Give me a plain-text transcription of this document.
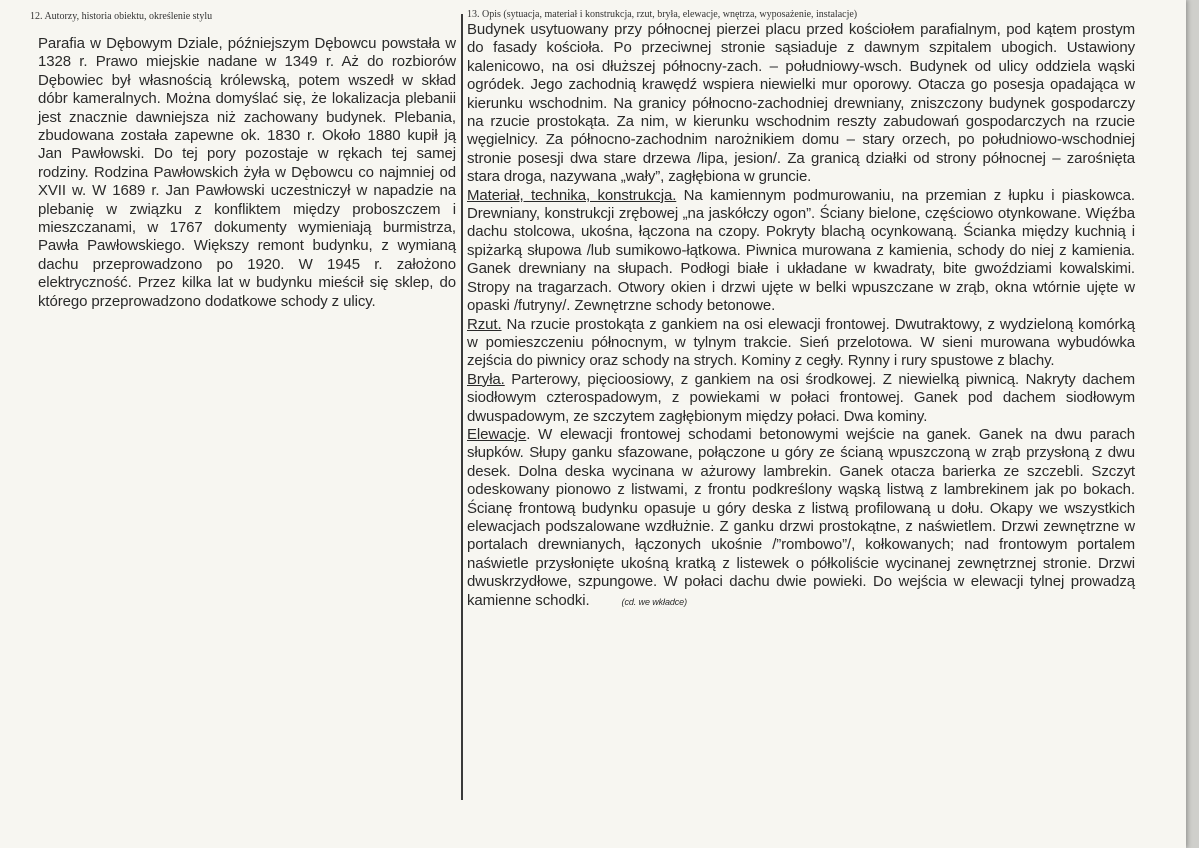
12. Autorzy, historia obiektu, określenie stylu

Parafia w Dębowym Dziale, późniejszym Dębowcu powstała w 1328 r. Prawo miejskie nadane w 1349 r. Aż do rozbiorów Dębowiec był własnością królewską, potem wszedł w skład dóbr kameralnych. Można domyślać się, że lokalizacja plebanii jest znacznie dawniejsza niż zachowany budynek. Plebania, zbudowana została zapewne ok. 1830 r. Około 1880 kupił ją Jan Pawłowski. Do tej pory pozostaje w rękach tej samej rodziny. Rodzina Pawłowskich żyła w Dębowcu co najmniej od XVII w. W 1689 r. Jan Pawłowski uczestniczył w napadzie na plebanię w związku z konfliktem między proboszczem i mieszczanami, w 1767 dokumenty wymieniają burmistrza, Pawła Pawłowskiego. Większy remont budynku, z wymianą dachu przeprowadzono po 1920. W 1945 r. założono elektryczność. Przez kilka lat w budynku mieścił się sklep, do którego przeprowadzono dodatkowe schody z ulicy.

13. Opis (sytuacja, materiał i konstrukcja, rzut, bryła, elewacje, wnętrza, wyposażenie, instalacje)

Budynek usytuowany przy północnej pierzei placu przed kościołem parafialnym, pod kątem prostym do fasady kościoła. Po przeciwnej stronie sąsiaduje z dawnym szpitalem ubogich. Ustawiony kalenicowo, na osi dłuższej północny-zach. – południowy-wsch. Budynek od ulicy oddziela wąski ogródek. Jego zachodnią krawędź wspiera niewielki mur oporowy. Otacza go posesja opadająca w kierunku wschodnim. Na granicy północno-zachodniej drewniany, zniszczony budynek gospodarczy na rzucie prostokąta. Za nim, w kierunku wschodnim reszty zabudowań gospodarczych na rzucie węgielnicy. Za północno-zachodnim narożnikiem domu – stary orzech, po południowo-wschodniej stronie posesji dwa stare drzewa /lipa, jesion/. Za granicą działki od strony północnej – zarośnięta stara droga, nazywana „wały”, zagłębiona w gruncie.
Materiał, technika, konstrukcja. Na kamiennym podmurowaniu, na przemian z łupku i piaskowca. Drewniany, konstrukcji zrębowej „na jaskółczy ogon”. Ściany bielone, częściowo otynkowane. Więźba dachu stolcowa, ukośna, łączona na czopy. Pokryty blachą ocynkowaną. Ścianka między kuchnią i spiżarką słupowa /lub sumikowo-łątkowa. Piwnica murowana z kamienia, schody do niej z kamienia. Ganek drewniany na słupach. Podłogi białe i układane w kwadraty, bite gwoździami kowalskimi. Stropy na tragarzach. Otwory okien i drzwi ujęte w belki wpuszczane w zrąb, okna wtórnie ujęte w opaski /futryny/. Zewnętrzne schody betonowe.
Rzut. Na rzucie prostokąta z gankiem na osi elewacji frontowej. Dwutraktowy, z wydzieloną komórką w pomieszczeniu północnym, w tylnym trakcie. Sień przelotowa. W sieni murowana wybudówka zejścia do piwnicy oraz schody na strych. Kominy z cegły. Rynny i rury spustowe z blachy.
Bryła. Parterowy, pięcioosiowy, z gankiem na osi środkowej. Z niewielką piwnicą. Nakryty dachem siodłowym czterospadowym, z powiekami w połaci frontowej. Ganek pod dachem siodłowym dwuspadowym, ze szczytem zagłębionym między połaci. Dwa kominy.
Elewacje. W elewacji frontowej schodami betonowymi wejście na ganek. Ganek na dwu parach słupków. Słupy ganku sfazowane, połączone u góry ze ścianą wpuszczoną w zrąb przysłoną z dwu desek. Dolna deska wycinana w ażurowy lambrekin. Ganek otacza barierka ze szczebli. Szczyt odeskowany pionowo z listwami, z frontu podkreślony wąską listwą z lambrekinem jak po bokach. Ścianę frontową budynku opasuje u góry deska z listwą profilowaną u dołu. Okapy we wszystkich elewacjach podszalowane wzdłużnie. Z ganku drzwi prostokątne, z naświetlem. Drzwi zewnętrzne w portalach drewnianych, łączonych ukośnie /”rombowo”/, kołkowanych; nad frontowym portalem naświetle przysłonięte ukośną kratką z listewek o półkoliście wycinanej zewnętrznej stronie. Drzwi dwuskrzydłowe, szpungowe. W połaci dachu dwie powieki. Do wejścia w elewacji tylnej prowadzą kamienne schodki.	(cd. we wkładce)
